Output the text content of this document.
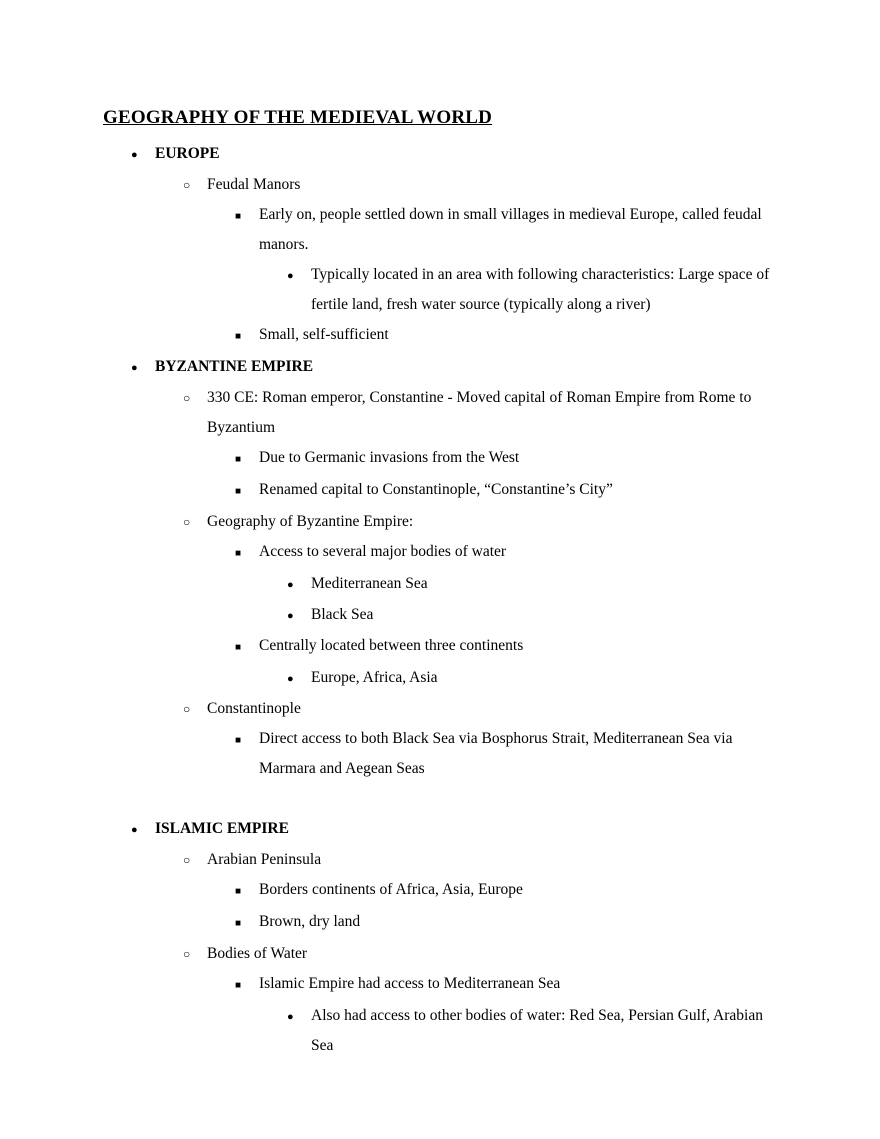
GEOGRAPHY OF THE MEDIEVAL WORLD
●	EUROPE
○	Feudal Manors
■	Early on, people settled down in small villages in medieval Europe, called feudal manors.
●	Typically located in an area with following characteristics: Large space of fertile land, fresh water source (typically along a river)
■	Small, self-sufficient
●	BYZANTINE EMPIRE
○	330 CE: Roman emperor, Constantine - Moved capital of Roman Empire from Rome to Byzantium
■	Due to Germanic invasions from the West
■	Renamed capital to Constantinople, “Constantine’s City”
○	Geography of Byzantine Empire:
■	Access to several major bodies of water
●	Mediterranean Sea
●	Black Sea
■	Centrally located between three continents
●	Europe, Africa, Asia
○	Constantinople
■	Direct access to both Black Sea via Bosphorus Strait, Mediterranean Sea via Marmara and Aegean Seas
●	ISLAMIC EMPIRE
○	Arabian Peninsula
■	Borders continents of Africa, Asia, Europe
■	Brown, dry land
○	Bodies of Water
■	Islamic Empire had access to Mediterranean Sea
●	Also had access to other bodies of water: Red Sea, Persian Gulf, Arabian Sea
